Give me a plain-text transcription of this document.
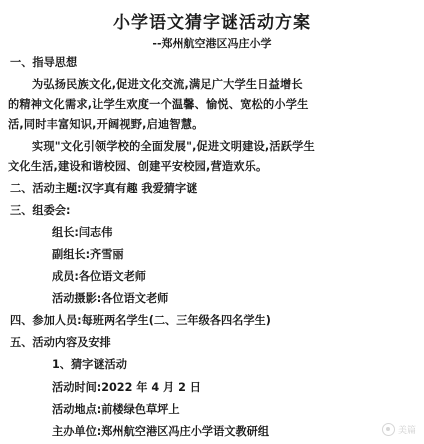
小学语文猜字谜活动方案
--郑州航空港区冯庄小学
一、指导思想
为弘扬民族文化,促进文化交流,满足广大学生日益增长
的精神文化需求,让学生欢度一个温馨、愉悦、宽松的小学生
活,同时丰富知识,开阔视野,启迪智慧。
实现"文化引领学校的全面发展",促进文明建设,活跃学生
文化生活,建设和谐校园、创建平安校园,营造欢乐。
二、活动主题:汉字真有趣 我爱猜字谜
三、组委会:
组长:闫志伟
副组长:齐雪丽
成员:各位语文老师
活动摄影:各位语文老师
四、参加人员:每班两名学生(二、三年级各四名学生)
五、活动内容及安排
1、猜字谜活动
活动时间:2022 年 4 月 2 日
活动地点:前楼绿色草坪上
主办单位:郑州航空港区冯庄小学语文教研组	美篇
